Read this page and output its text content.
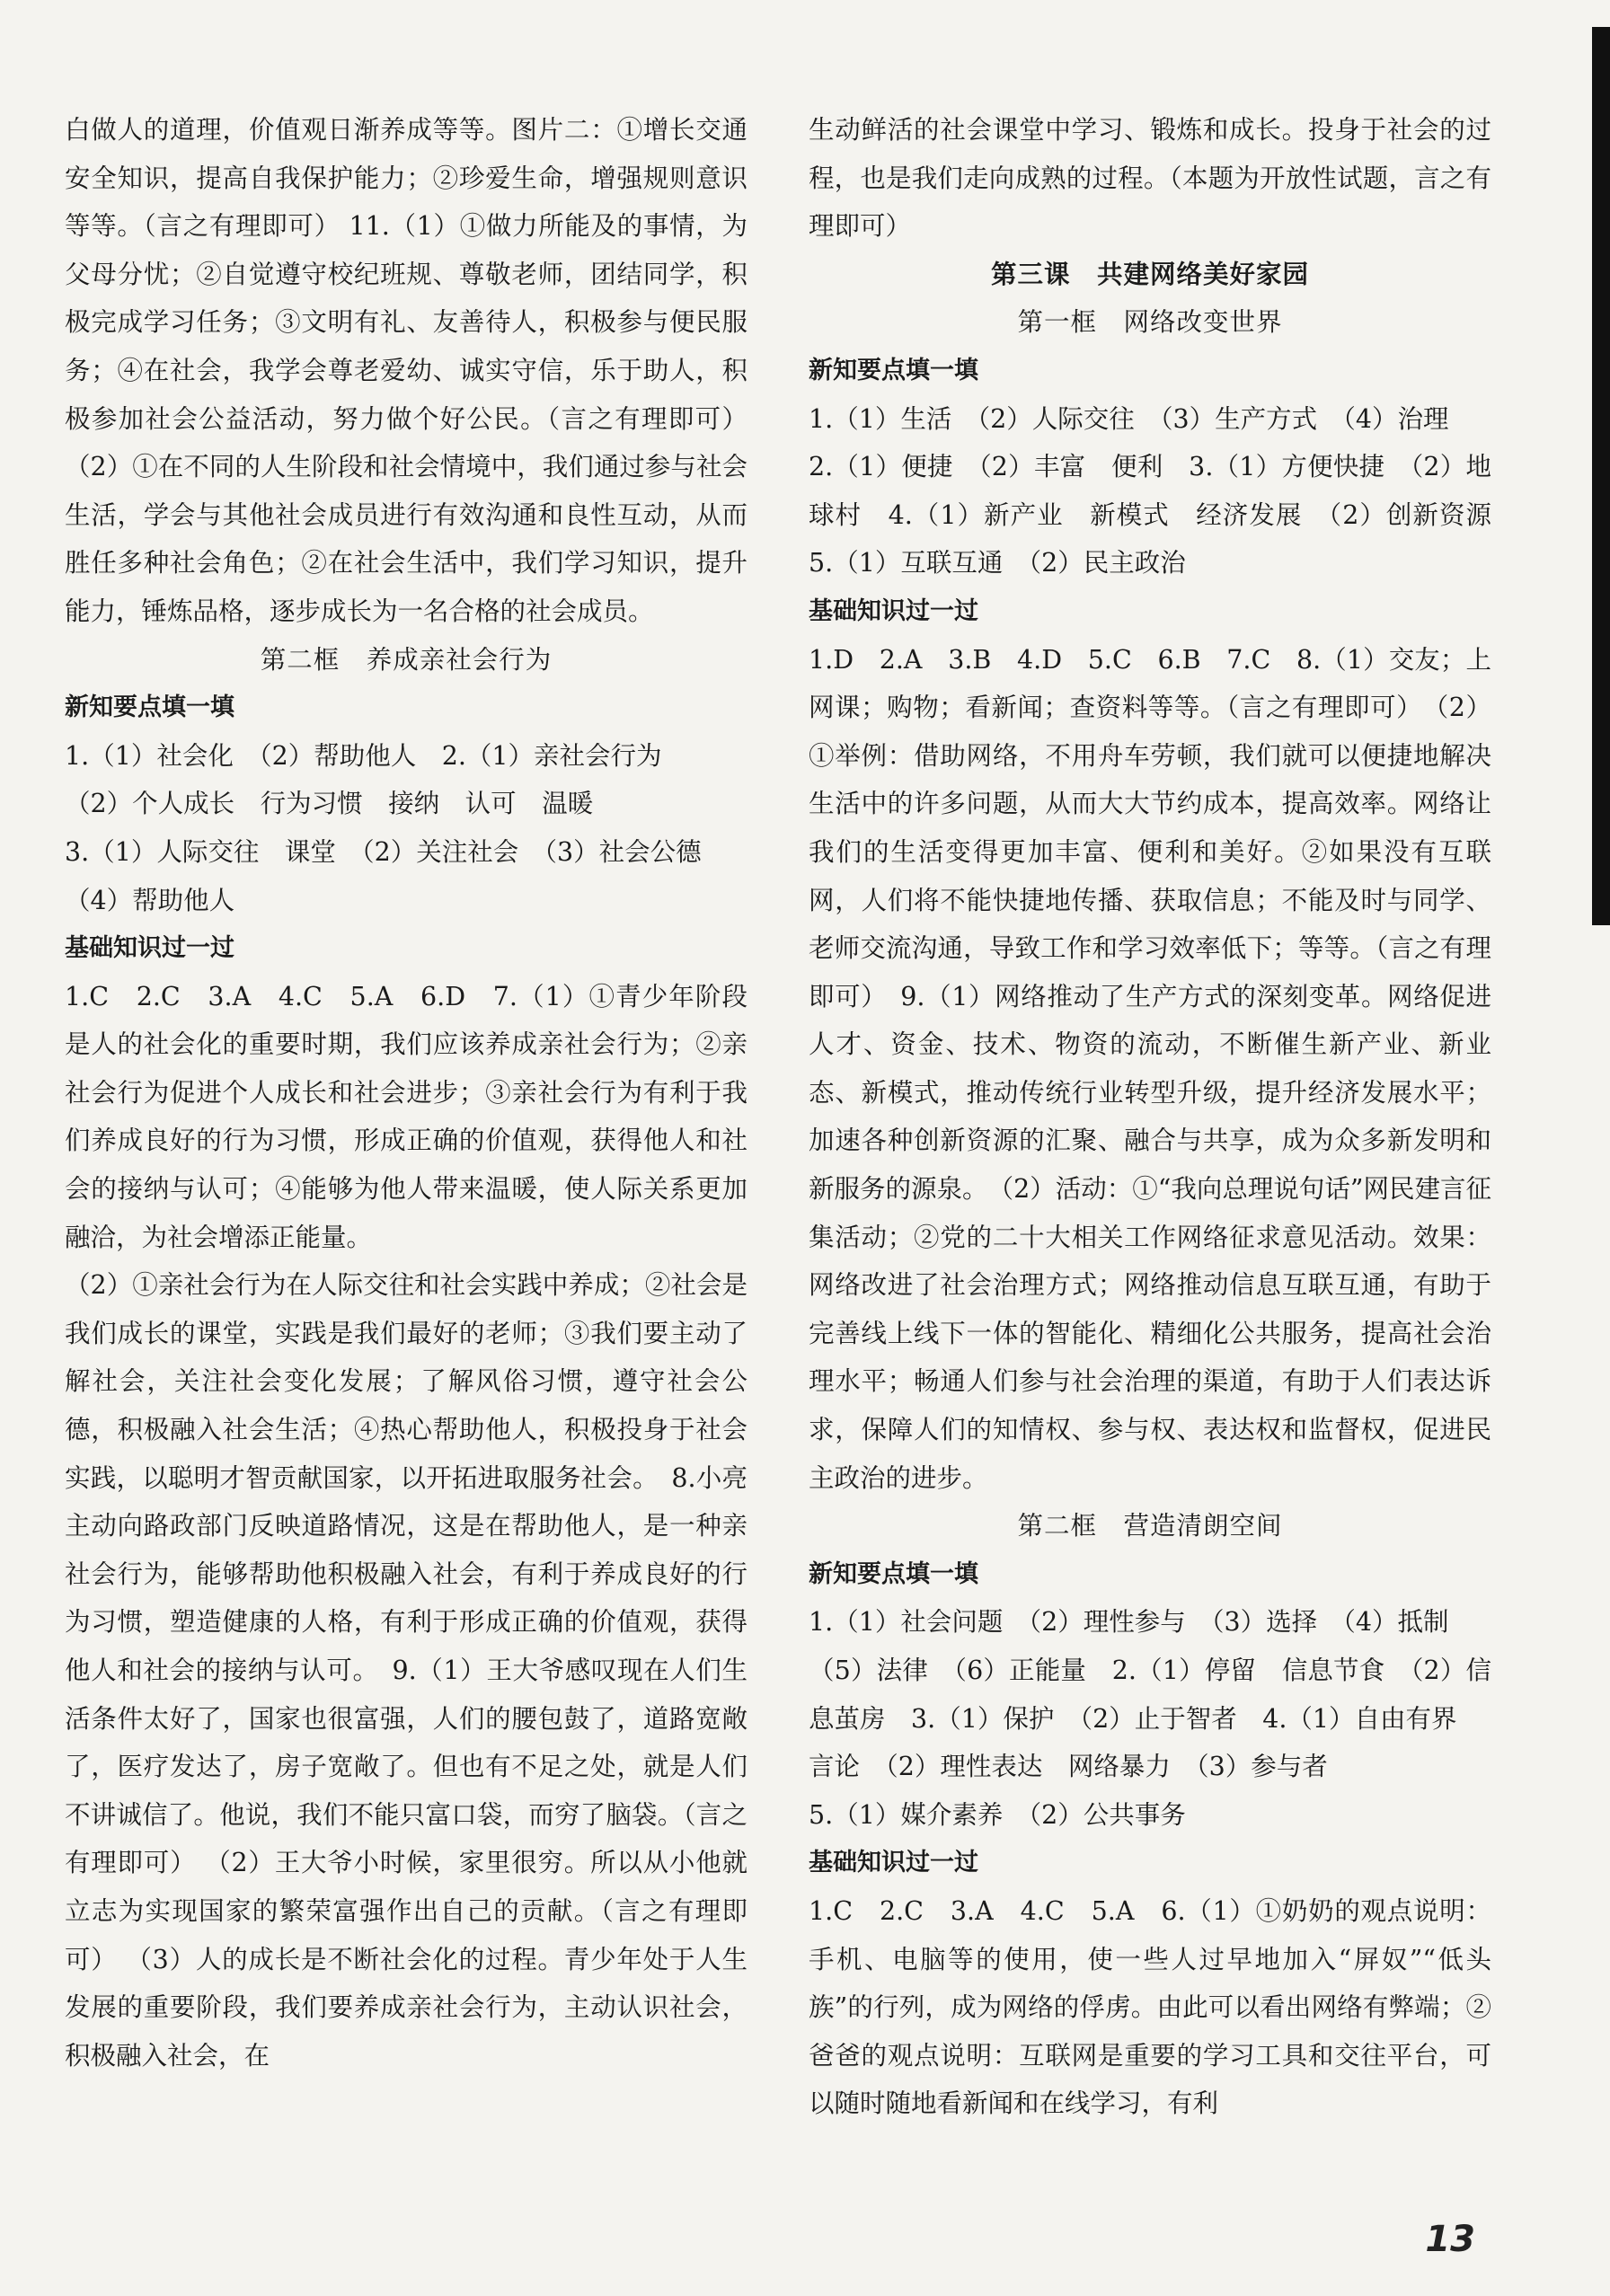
白做人的道理，价值观日渐养成等等。图片二：①增长交通安全知识，提高自我保护能力；②珍爱生命，增强规则意识等等。（言之有理即可） 11.（1）①做力所能及的事情，为父母分忧；②自觉遵守校纪班规、尊敬老师，团结同学，积极完成学习任务；③文明有礼、友善待人，积极参与便民服务；④在社会，我学会尊老爱幼、诚实守信，乐于助人，积极参加社会公益活动，努力做个好公民。（言之有理即可） （2）①在不同的人生阶段和社会情境中，我们通过参与社会生活，学会与其他社会成员进行有效沟通和良性互动，从而胜任多种社会角色；②在社会生活中，我们学习知识，提升能力，锤炼品格，逐步成长为一名合格的社会成员。

第二框　养成亲社会行为
新知要点填一填

1.（1）社会化　（2）帮助他人　2.（1）亲社会行为

（2）个人成长　行为习惯　接纳　认可　温暖

3.（1）人际交往　课堂　（2）关注社会　（3）社会公德

（4）帮助他人

基础知识过一过

1.C　2.C　3.A　4.C　5.A　6.D　7.（1）①青少年阶段是人的社会化的重要时期，我们应该养成亲社会行为；②亲社会行为促进个人成长和社会进步；③亲社会行为有利于我们养成良好的行为习惯，形成正确的价值观，获得他人和社会的接纳与认可；④能够为他人带来温暖，使人际关系更加融洽，为社会增添正能量。

（2）①亲社会行为在人际交往和社会实践中养成；②社会是我们成长的课堂，实践是我们最好的老师；③我们要主动了解社会，关注社会变化发展；了解风俗习惯，遵守社会公德，积极融入社会生活；④热心帮助他人，积极投身于社会实践，以聪明才智贡献国家，以开拓进取服务社会。　8.小亮主动向路政部门反映道路情况，这是在帮助他人，是一种亲社会行为，能够帮助他积极融入社会，有利于养成良好的行为习惯，塑造健康的人格，有利于形成正确的价值观，获得他人和社会的接纳与认可。　9.（1）王大爷感叹现在人们生活条件太好了，国家也很富强，人们的腰包鼓了，道路宽敞了，医疗发达了，房子宽敞了。但也有不足之处，就是人们不讲诚信了。他说，我们不能只富口袋，而穷了脑袋。（言之有理即可） （2）王大爷小时候，家里很穷。所以从小他就立志为实现国家的繁荣富强作出自己的贡献。（言之有理即可） （3）人的成长是不断社会化的过程。青少年处于人生发展的重要阶段，我们要养成亲社会行为，主动认识社会，积极融入社会，在

生动鲜活的社会课堂中学习、锻炼和成长。投身于社会的过程，也是我们走向成熟的过程。（本题为开放性试题，言之有理即可）

第三课　共建网络美好家园
第一框　网络改变世界
新知要点填一填

1.（1）生活　（2）人际交往　（3）生产方式　（4）治理

2.（1）便捷　（2）丰富　便利　3.（1）方便快捷　（2）地球村　4.（1）新产业　新模式　经济发展　（2）创新资源　5.（1）互联互通　（2）民主政治

基础知识过一过

1.D　2.A　3.B　4.D　5.C　6.B　7.C　8.（1）交友；上网课；购物；看新闻；查资料等等。（言之有理即可）　（2）①举例：借助网络，不用舟车劳顿，我们就可以便捷地解决生活中的许多问题，从而大大节约成本，提高效率。网络让我们的生活变得更加丰富、便利和美好。②如果没有互联网，人们将不能快捷地传播、获取信息；不能及时与同学、老师交流沟通，导致工作和学习效率低下；等等。（言之有理即可）　9.（1）网络推动了生产方式的深刻变革。网络促进人才、资金、技术、物资的流动，不断催生新产业、新业态、新模式，推动传统行业转型升级，提升经济发展水平；加速各种创新资源的汇聚、融合与共享，成为众多新发明和新服务的源泉。　（2）活动：①“我向总理说句话”网民建言征集活动；②党的二十大相关工作网络征求意见活动。效果：网络改进了社会治理方式；网络推动信息互联互通，有助于完善线上线下一体的智能化、精细化公共服务，提高社会治理水平；畅通人们参与社会治理的渠道，有助于人们表达诉求，保障人们的知情权、参与权、表达权和监督权，促进民主政治的进步。

第二框　营造清朗空间
新知要点填一填

1.（1）社会问题　（2）理性参与　（3）选择　（4）抵制

（5）法律　（6）正能量　2.（1）停留　信息节食　（2）信息茧房　3.（1）保护　（2）止于智者　4.（1）自由有界

言论　（2）理性表达　网络暴力　（3）参与者

5.（1）媒介素养　（2）公共事务

基础知识过一过

1.C　2.C　3.A　4.C　5.A　6.（1）①奶奶的观点说明：手机、电脑等的使用，使一些人过早地加入“屏奴”“低头族”的行列，成为网络的俘虏。由此可以看出网络有弊端；②爸爸的观点说明：互联网是重要的学习工具和交往平台，可以随时随地看新闻和在线学习，有利

13
